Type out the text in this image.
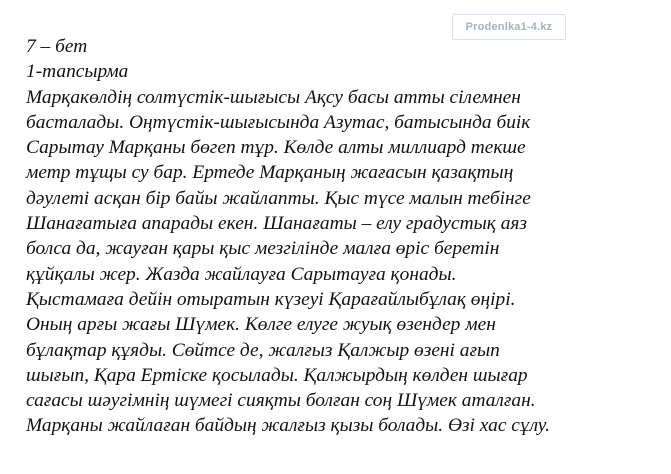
Prodenlka1-4.kz
7 – бет
1-тапсырма
Марқакөлдің солтүстік-шығысы Ақсу басы атты сілемнен
басталады. Оңтүстік-шығысында Азутас, батысында биік
Сарытау Марқаны бөгеп тұр. Көлде алты миллиард текше
метр тұщы су бар. Ертеде Марқаның жағасын қазақтың
дәулеті асқан бір байы жайлапты. Қыс түсе малын тебінге
Шанағатыға апарады екен. Шанағаты – елу градустық аяз
болса да, жауған қары қыс мезгілінде малға өріс беретін
құйқалы жер. Жазда жайлауға Сарытауға қонады.
Қыстамаға дейін отыратын күзеуі Қарағайлыбұлақ өңірі.
Оның арғы жағы Шүмек. Көлге елуге жуық өзендер мен
бұлақтар құяды. Сөйтсе де, жалғыз Қалжыр өзені ағып
шығып, Қара Ертіске қосылады. Қалжырдың көлден шығар
сағасы шәугімнің шүмегі сияқты болған соң Шүмек аталған.
Марқаны жайлаған байдың жалғыз қызы болады. Өзі хас сұлу.
